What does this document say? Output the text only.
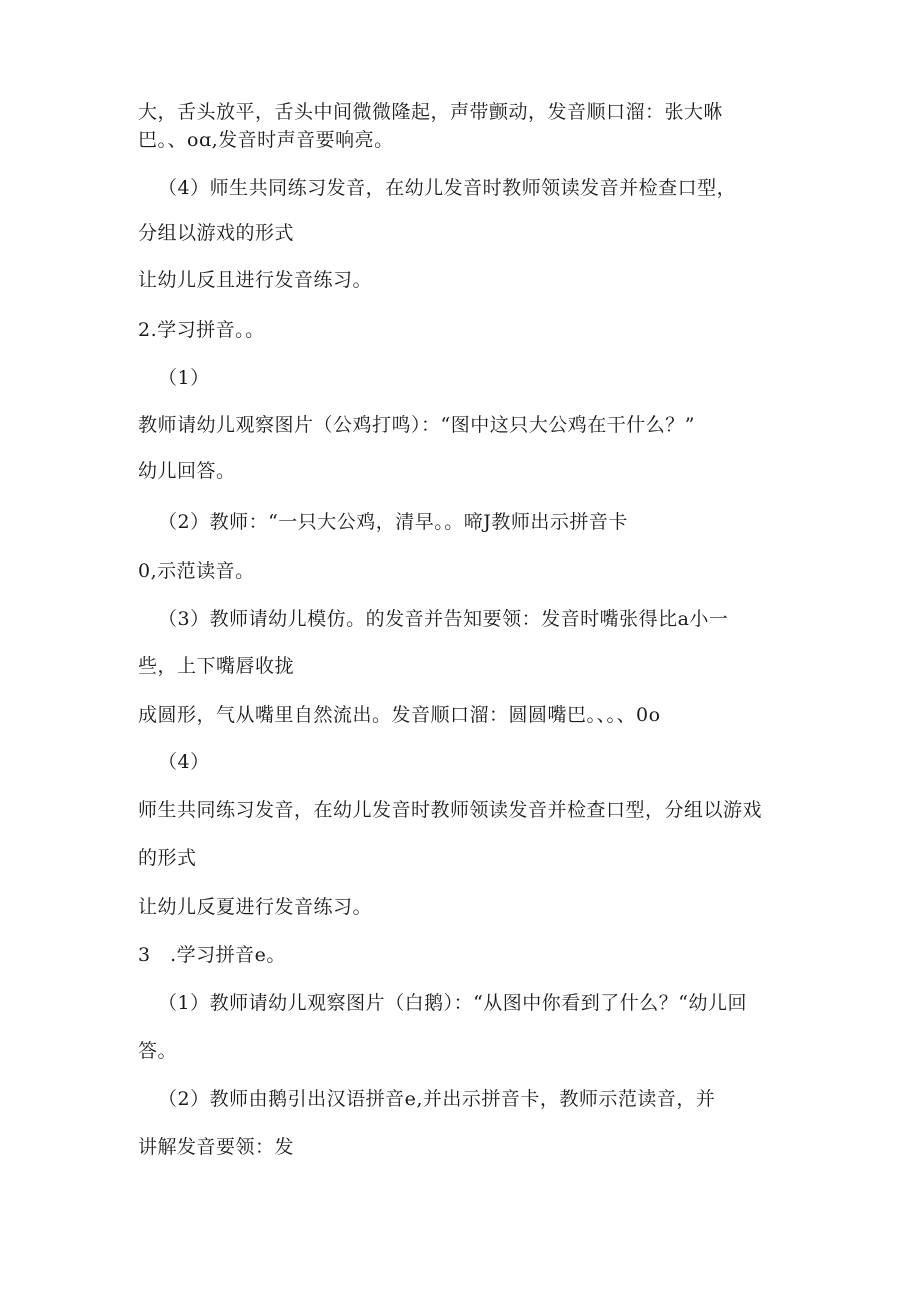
大，舌头放平，舌头中间微微隆起，声带颤动，发音顺口溜：张大咻
巴。、oɑ,发音时声音要响亮。
（4）师生共同练习发音，在幼儿发音时教师领读发音并检查口型，
分组以游戏的形式
让幼儿反且进行发音练习。
2.学习拼音。。
（1）
教师请幼儿观察图片（公鸡打鸣）：“图中这只大公鸡在干什么？”
幼儿回答。
（2）教师：“一只大公鸡，清早。。啼J教师出示拼音卡
0,示范读音。
（3）教师请幼儿模仿。的发音并告知要领：发音时嘴张得比a小一
些，上下嘴唇收拢
成圆形，气从嘴里自然流出。发音顺口溜：圆圆嘴巴。、。、0o
（4）
师生共同练习发音，在幼儿发音时教师领读发音并检查口型，分组以游戏
的形式
让幼儿反夏进行发音练习。
3　.学习拼音e。
（1）教师请幼儿观察图片（白鹅）：“从图中你看到了什么？“幼儿回
答。
（2）教师由鹅引出汉语拼音e,并出示拼音卡，教师示范读音，并
讲解发音要领：发
